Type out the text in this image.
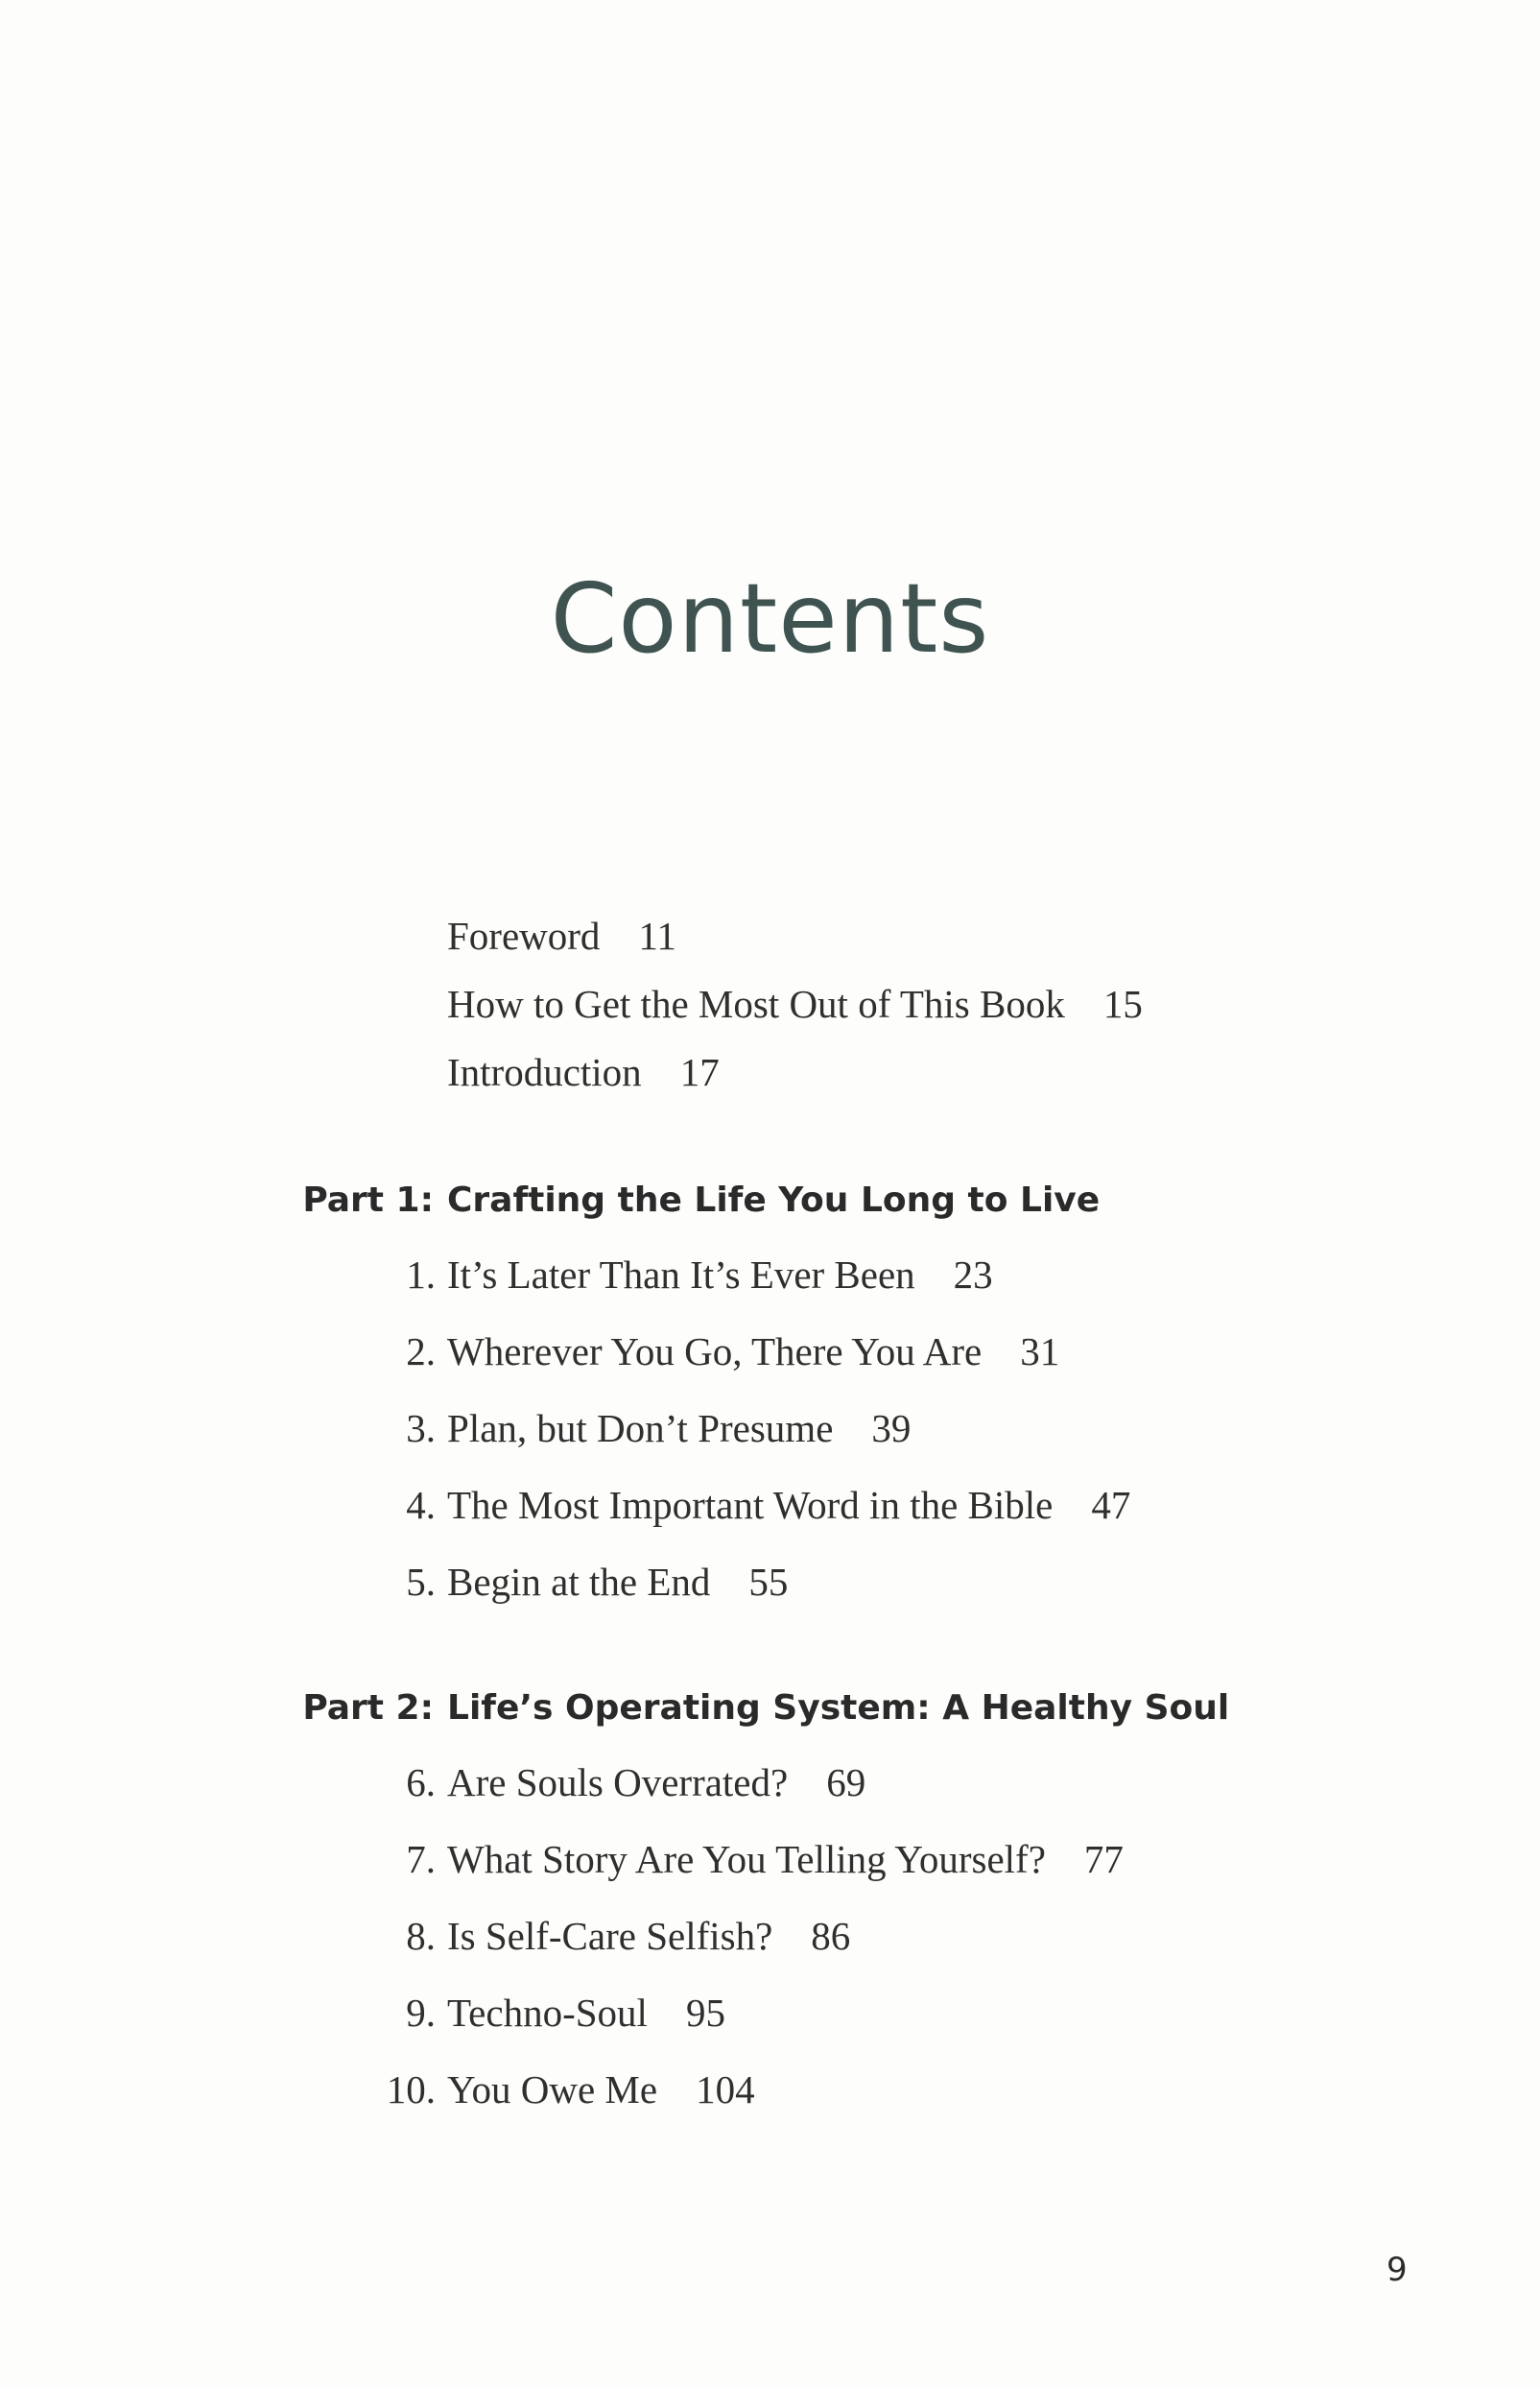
Contents
Foreword 11
How to Get the Most Out of This Book 15
Introduction 17
Part 1: Crafting the Life You Long to Live
1. It’s Later Than It’s Ever Been 23
2. Wherever You Go, There You Are 31
3. Plan, but Don’t Presume 39
4. The Most Important Word in the Bible 47
5. Begin at the End 55
Part 2: Life’s Operating System: A Healthy Soul
6. Are Souls Overrated? 69
7. What Story Are You Telling Yourself? 77
8. Is Self-Care Selfish? 86
9. Techno-Soul 95
10. You Owe Me 104
9
